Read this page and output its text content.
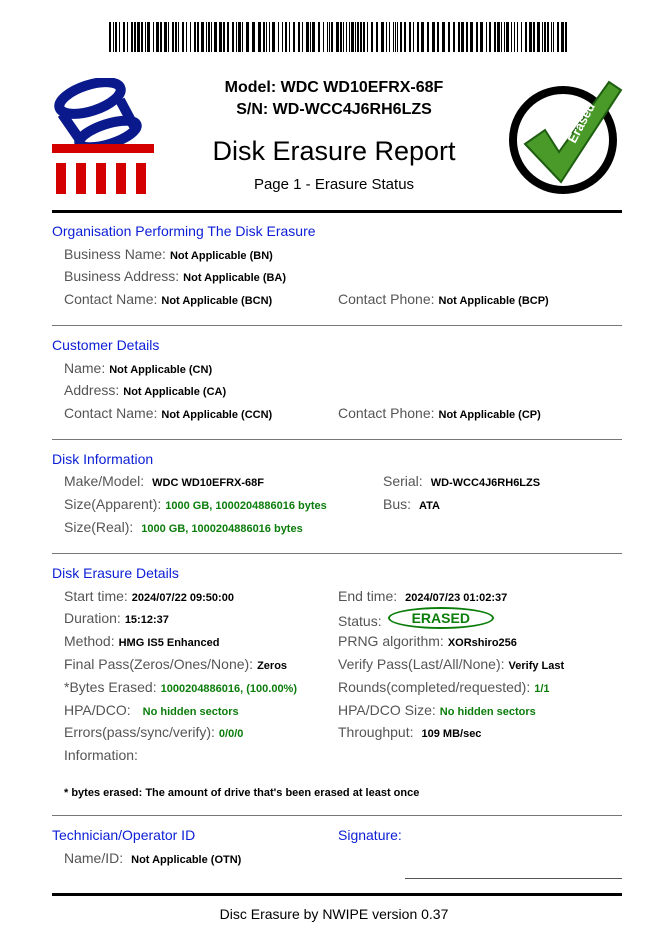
Model: WDC WD10EFRX-68F
S/N: WD-WCC4J6RH6LZS
Disk Erasure Report
Page 1 - Erasure Status
Erased
Organisation Performing The Disk Erasure
Business Name: Not Applicable (BN)
Business Address: Not Applicable (BA)
Contact Name: Not Applicable (BCN)	Contact Phone: Not Applicable (BCP)
Customer Details
Name: Not Applicable (CN)
Address: Not Applicable (CA)
Contact Name: Not Applicable (CCN)	Contact Phone: Not Applicable (CP)
Disk Information
Make/Model: WDC WD10EFRX-68F	Serial: WD-WCC4J6RH6LZS
Size(Apparent): 1000 GB, 1000204886016 bytes	Bus: ATA
Size(Real): 1000 GB, 1000204886016 bytes
Disk Erasure Details
Start time: 2024/07/22 09:50:00	End time: 2024/07/23 01:02:37
Duration: 15:12:37	Status: ERASED
Method: HMG IS5 Enhanced	PRNG algorithm: XORshiro256
Final Pass(Zeros/Ones/None): Zeros	Verify Pass(Last/All/None): Verify Last
*Bytes Erased: 1000204886016, (100.00%)	Rounds(completed/requested): 1/1
HPA/DCO: No hidden sectors	HPA/DCO Size: No hidden sectors
Errors(pass/sync/verify): 0/0/0	Throughput: 109 MB/sec
Information:
* bytes erased: The amount of drive that's been erased at least once
Technician/Operator ID	Signature:
Name/ID: Not Applicable (OTN)
Disc Erasure by NWIPE version 0.37
